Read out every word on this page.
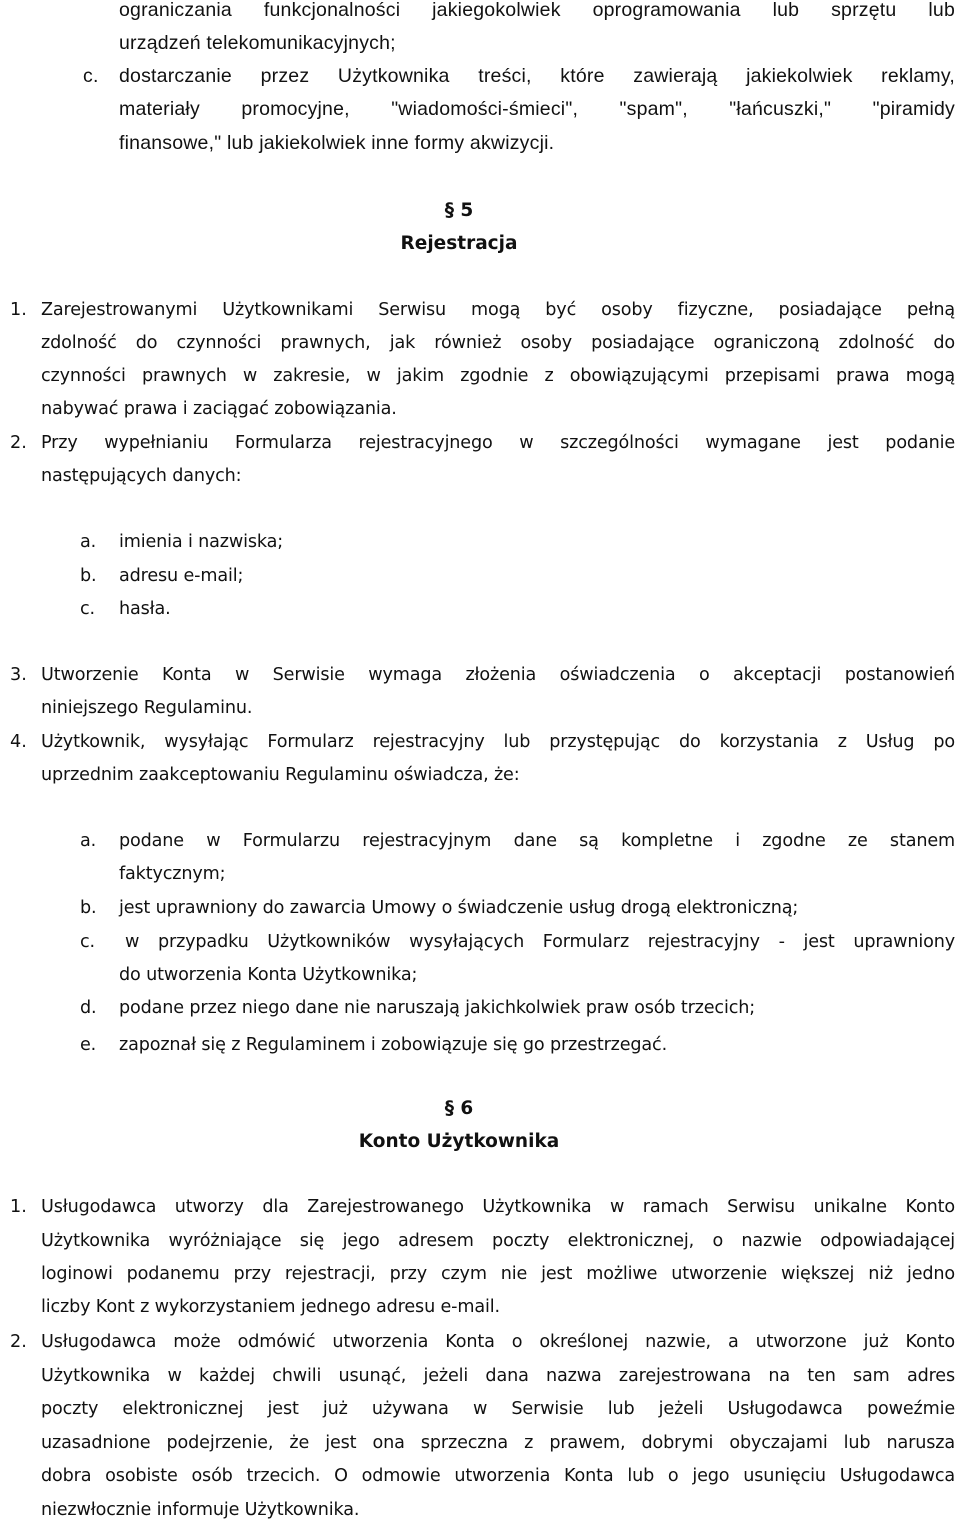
ograniczania funkcjonalności jakiegokolwiek oprogramowania lub sprzętu lub
urządzeń telekomunikacyjnych;
c. dostarczanie przez Użytkownika treści, które zawierają jakiekolwiek reklamy,
materiały promocyjne, "wiadomości-śmieci", "spam", "łańcuszki," "piramidy
finansowe," lub jakiekolwiek inne formy akwizycji.
§ 5
Rejestracja
1. Zarejestrowanymi Użytkownikami Serwisu mogą być osoby fizyczne, posiadające pełną
zdolność do czynności prawnych, jak również osoby posiadające ograniczoną zdolność do
czynności prawnych w zakresie, w jakim zgodnie z obowiązującymi przepisami prawa mogą
nabywać prawa i zaciągać zobowiązania.
2. Przy wypełnianiu Formularza rejestracyjnego w szczególności wymagane jest podanie
następujących danych:
a. imienia i nazwiska;
b. adresu e-mail;
c. hasła.
3. Utworzenie Konta w Serwisie wymaga złożenia oświadczenia o akceptacji postanowień
niniejszego Regulaminu.
4. Użytkownik, wysyłając Formularz rejestracyjny lub przystępując do korzystania z Usług po
uprzednim zaakceptowaniu Regulaminu oświadcza, że:
a. podane w Formularzu rejestracyjnym dane są kompletne i zgodne ze stanem
faktycznym;
b. jest uprawniony do zawarcia Umowy o świadczenie usług drogą elektroniczną;
c. w przypadku Użytkowników wysyłających Formularz rejestracyjny - jest uprawniony
do utworzenia Konta Użytkownika;
d. podane przez niego dane nie naruszają jakichkolwiek praw osób trzecich;
e. zapoznał się z Regulaminem i zobowiązuje się go przestrzegać.
§ 6
Konto Użytkownika
1. Usługodawca utworzy dla Zarejestrowanego Użytkownika w ramach Serwisu unikalne Konto
Użytkownika wyróżniające się jego adresem poczty elektronicznej, o nazwie odpowiadającej
loginowi podanemu przy rejestracji, przy czym nie jest możliwe utworzenie większej niż jedno
liczby Kont z wykorzystaniem jednego adresu e-mail.
2. Usługodawca może odmówić utworzenia Konta o określonej nazwie, a utworzone już Konto
Użytkownika w każdej chwili usunąć, jeżeli dana nazwa zarejestrowana na ten sam adres
poczty elektronicznej jest już używana w Serwisie lub jeżeli Usługodawca poweźmie
uzasadnione podejrzenie, że jest ona sprzeczna z prawem, dobrymi obyczajami lub narusza
dobra osobiste osób trzecich. O odmowie utworzenia Konta lub o jego usunięciu Usługodawca
niezwłocznie informuje Użytkownika.
